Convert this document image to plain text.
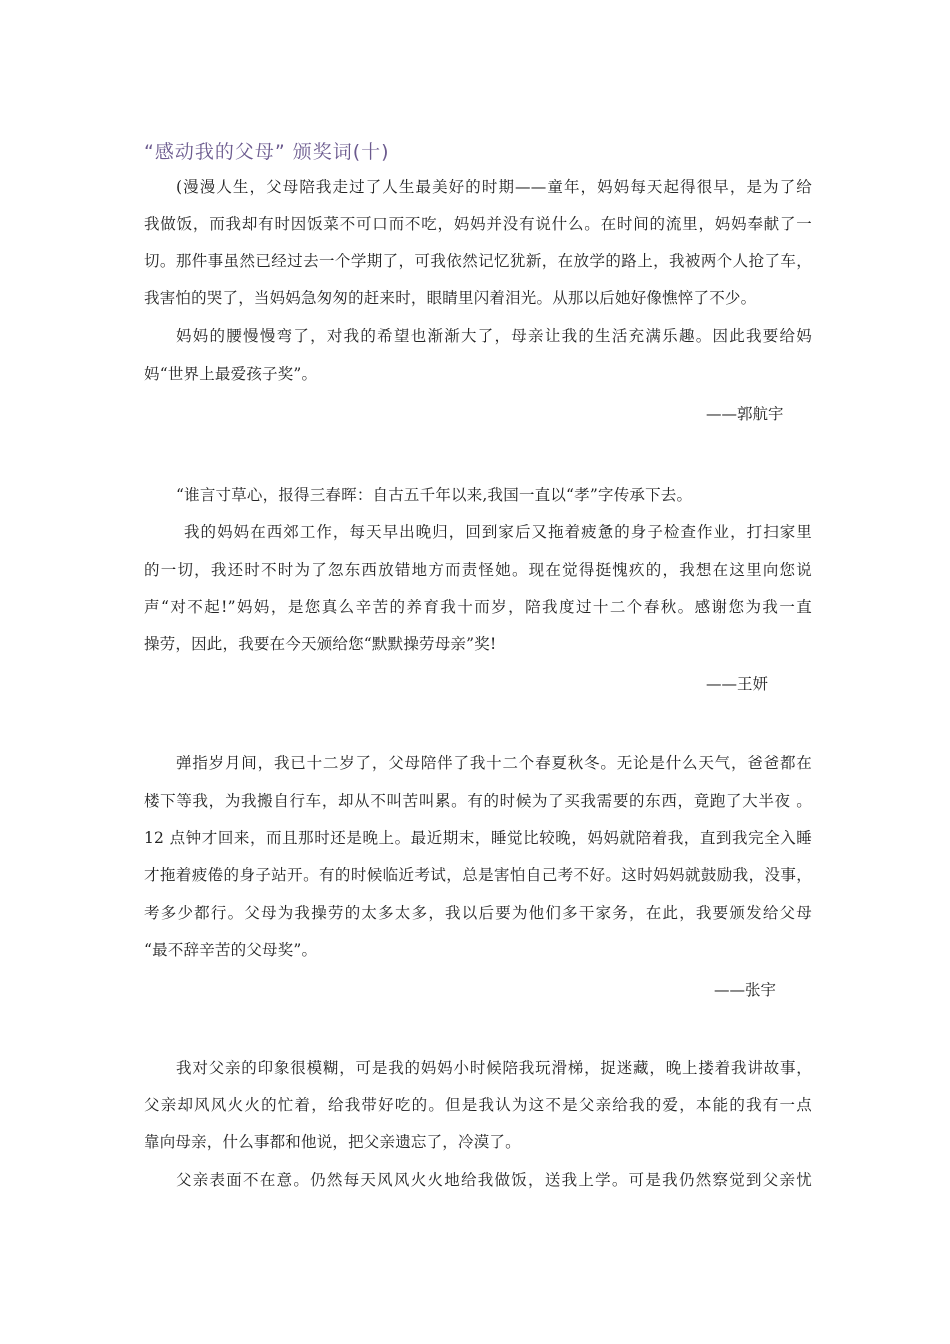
“感动我的父母” 颁奖词(十)
(漫漫人生，父母陪我走过了人生最美好的时期——童年，妈妈每天起得很早，是为了给
我做饭，而我却有时因饭菜不可口而不吃，妈妈并没有说什么。在时间的流里，妈妈奉献了一
切。那件事虽然已经过去一个学期了，可我依然记忆犹新，在放学的路上，我被两个人抢了车，
我害怕的哭了，当妈妈急匆匆的赶来时，眼睛里闪着泪光。从那以后她好像憔悴了不少。
妈妈的腰慢慢弯了，对我的希望也渐渐大了，母亲让我的生活充满乐趣。因此我要给妈
妈“世界上最爱孩子奖”。
——郭航宇
“谁言寸草心，报得三春晖：自古五千年以来,我国一直以“孝”字传承下去。
我的妈妈在西郊工作，每天早出晚归，回到家后又拖着疲惫的身子检查作业，打扫家里
的一切，我还时不时为了忽东西放错地方而责怪她。现在觉得挺愧疚的，我想在这里向您说
声“对不起!”妈妈，是您真么辛苦的养育我十而岁，陪我度过十二个春秋。感谢您为我一直
操劳，因此，我要在今天颁给您“默默操劳母亲”奖!
——王妍
弹指岁月间，我已十二岁了，父母陪伴了我十二个春夏秋冬。无论是什么天气，爸爸都在
楼下等我，为我搬自行车，却从不叫苦叫累。有的时候为了买我需要的东西，竟跑了大半夜 。
12 点钟才回来，而且那时还是晚上。最近期末，睡觉比较晚，妈妈就陪着我，直到我完全入睡
才拖着疲倦的身子站开。有的时候临近考试，总是害怕自己考不好。这时妈妈就鼓励我，没事，
考多少都行。父母为我操劳的太多太多，我以后要为他们多干家务，在此，我要颁发给父母
“最不辞辛苦的父母奖”。
——张宇
我对父亲的印象很模糊，可是我的妈妈小时候陪我玩滑梯，捉迷藏，晚上搂着我讲故事，
父亲却风风火火的忙着，给我带好吃的。但是我认为这不是父亲给我的爱，本能的我有一点
靠向母亲，什么事都和他说，把父亲遗忘了，冷漠了。
父亲表面不在意。仍然每天风风火火地给我做饭，送我上学。可是我仍然察觉到父亲忧
